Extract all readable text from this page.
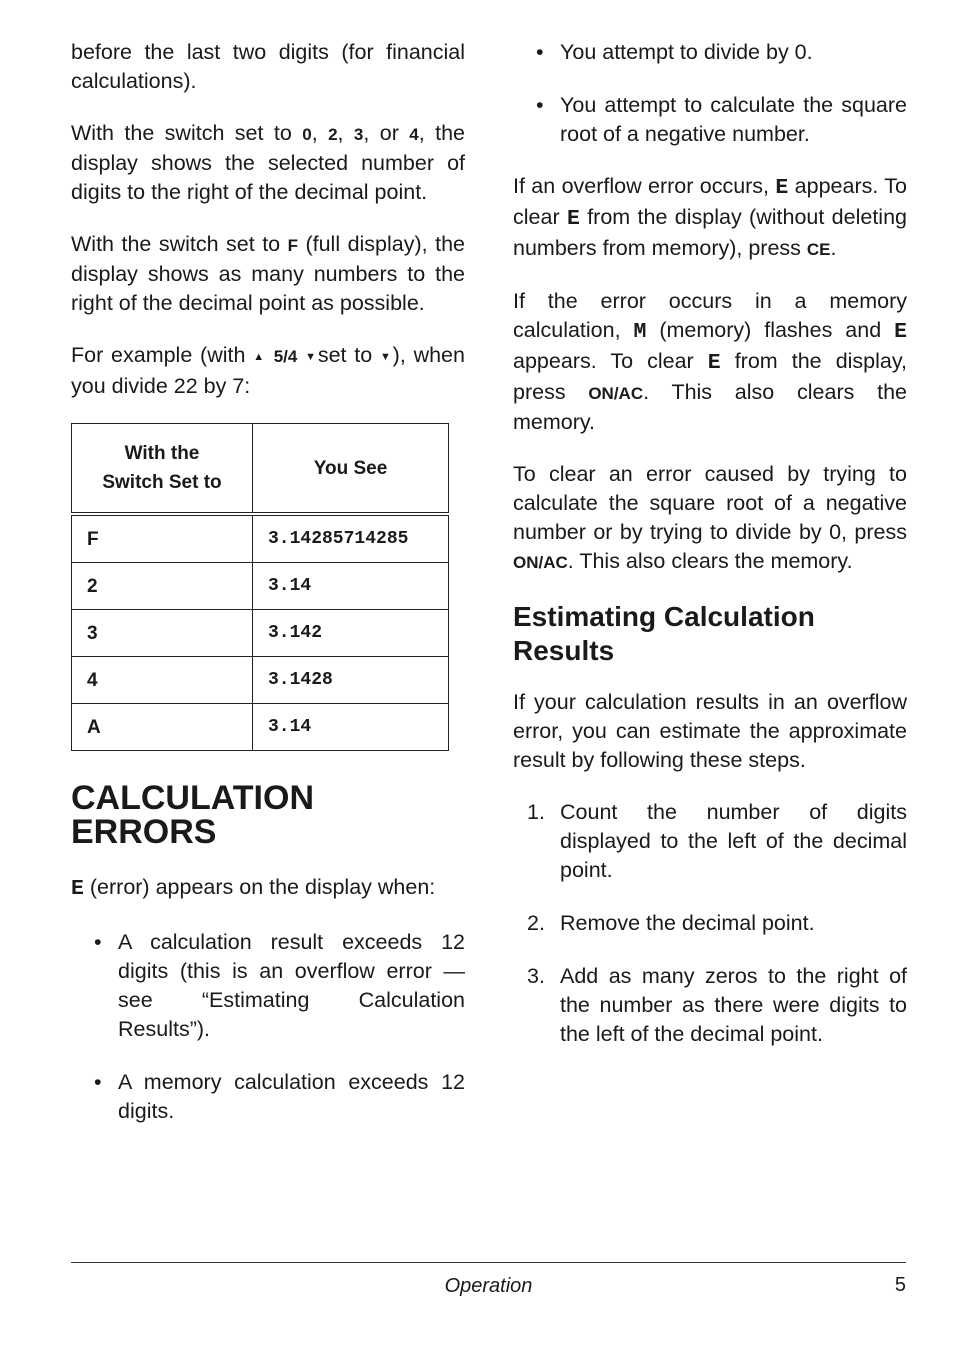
before the last two digits (for financial calculations).

With the switch set to 0, 2, 3, or 4, the display shows the selected number of digits to the right of the decimal point.

With the switch set to F (full display), the display shows as many numbers to the right of the decimal point as possible.

For example (with ▲ 5/4 ▼set to ▼), when you divide 22 by 7:

With the
Switch Set to	You See
F	3.14285714285
2	3.14
3	3.142
4	3.1428
A	3.14
CALCULATION
ERRORS

E (error) appears on the display when:

• A calculation result exceeds 12 digits (this is an overflow error — see “Estimating Calculation Results”).
• A memory calculation exceeds 12 digits.
• You attempt to divide by 0.
• You attempt to calculate the square root of a negative number.

If an overflow error occurs, E appears. To clear E from the display (without deleting numbers from memory), press CE.

If the error occurs in a memory calculation, M (memory) flashes and E appears. To clear E from the display, press ON/AC. This also clears the memory.

To clear an error caused by trying to calculate the square root of a negative number or by trying to divide by 0, press ON/AC. This also clears the memory.

Estimating Calculation
Results

If your calculation results in an overflow error, you can estimate the approximate result by following these steps.

1. Count the number of digits displayed to the left of the decimal point.
2. Remove the decimal point.
3. Add as many zeros to the right of the number as there were digits to the left of the decimal point.
Operation	5
